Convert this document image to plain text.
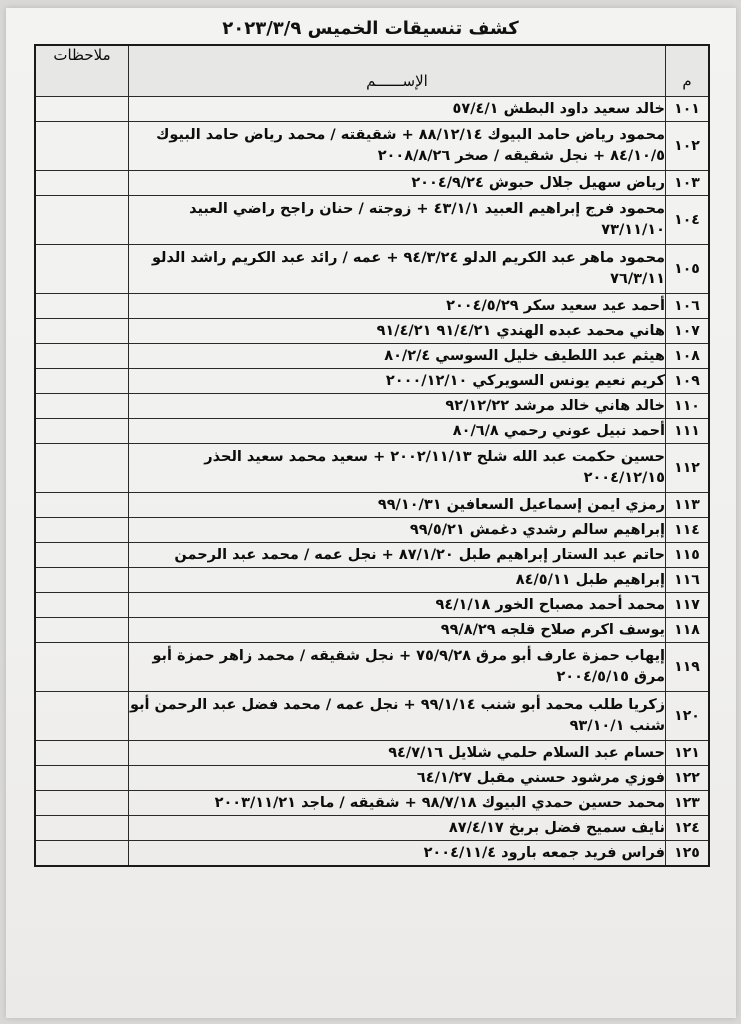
كشف تنسيقات الخميس ٢٠٢٣/٣/٩
م	الإســــــم	ملاحظات
١٠١	خالد سعيد داود البطش ٥٧/٤/١	
١٠٢	محمود رياض حامد البيوك ٨٨/١٢/١٤ + شقيقته / محمد رياض حامد البيوك
٨٤/١٠/٥ + نجل شقيقه / صخر ٢٠٠٨/٨/٢٦	
١٠٣	رياض سهيل جلال حبوش ٢٠٠٤/٩/٢٤	
١٠٤	محمود فرج إبراهيم العبيد ٤٣/١/١ + زوجته / حنان راجح راضي العبيد
٧٣/١١/١٠	
١٠٥	محمود ماهر عبد الكريم الدلو ٩٤/٣/٢٤ + عمه / رائد عبد الكريم راشد الدلو
٧٦/٣/١١	
١٠٦	أحمد عيد سعيد سكر ٢٠٠٤/٥/٢٩	
١٠٧	هاني محمد عبده الهندي ٩١/٤/٢١ ٩١/٤/٢١	
١٠٨	هيثم عبد اللطيف خليل السوسي ٨٠/٢/٤	
١٠٩	كريم نعيم يونس السويركي ٢٠٠٠/١٢/١٠	
١١٠	خالد هاني خالد مرشد ٩٢/١٢/٢٢	
١١١	أحمد نبيل عوني رحمي ٨٠/٦/٨	
١١٢	حسين حكمت عبد الله شلح ٢٠٠٢/١١/١٣ + سعيد محمد سعيد الحذر
٢٠٠٤/١٢/١٥	
١١٣	رمزي ايمن إسماعيل السعافين ٩٩/١٠/٣١	
١١٤	إبراهيم سالم رشدي دغمش ٩٩/٥/٢١	
١١٥	حاتم عبد الستار إبراهيم طبل ٨٧/١/٢٠ + نجل عمه / محمد عبد الرحمن	
١١٦	إبراهيم طبل ٨٤/٥/١١	
١١٧	محمد أحمد مصباح الخور ٩٤/١/١٨	
١١٨	يوسف اكرم صلاح قلجه ٩٩/٨/٢٩	
١١٩	إيهاب حمزة عارف أبو مرق ٧٥/٩/٢٨ + نجل شقيقه / محمد زاهر حمزة أبو
مرق ٢٠٠٤/٥/١٥	
١٢٠	زكريا طلب محمد أبو شنب ٩٩/١/١٤ + نجل عمه / محمد فضل عبد الرحمن أبو
شنب ٩٣/١٠/١	
١٢١	حسام عبد السلام حلمي شلايل ٩٤/٧/١٦	
١٢٢	فوزي مرشود حسني مقبل ٦٤/١/٢٧	
١٢٣	محمد حسين حمدي البيوك ٩٨/٧/١٨ + شقيقه / ماجد ٢٠٠٣/١١/٢١	
١٢٤	نايف سميح فضل بربخ ٨٧/٤/١٧	
١٢٥	فراس فريد جمعه بارود ٢٠٠٤/١١/٤	
